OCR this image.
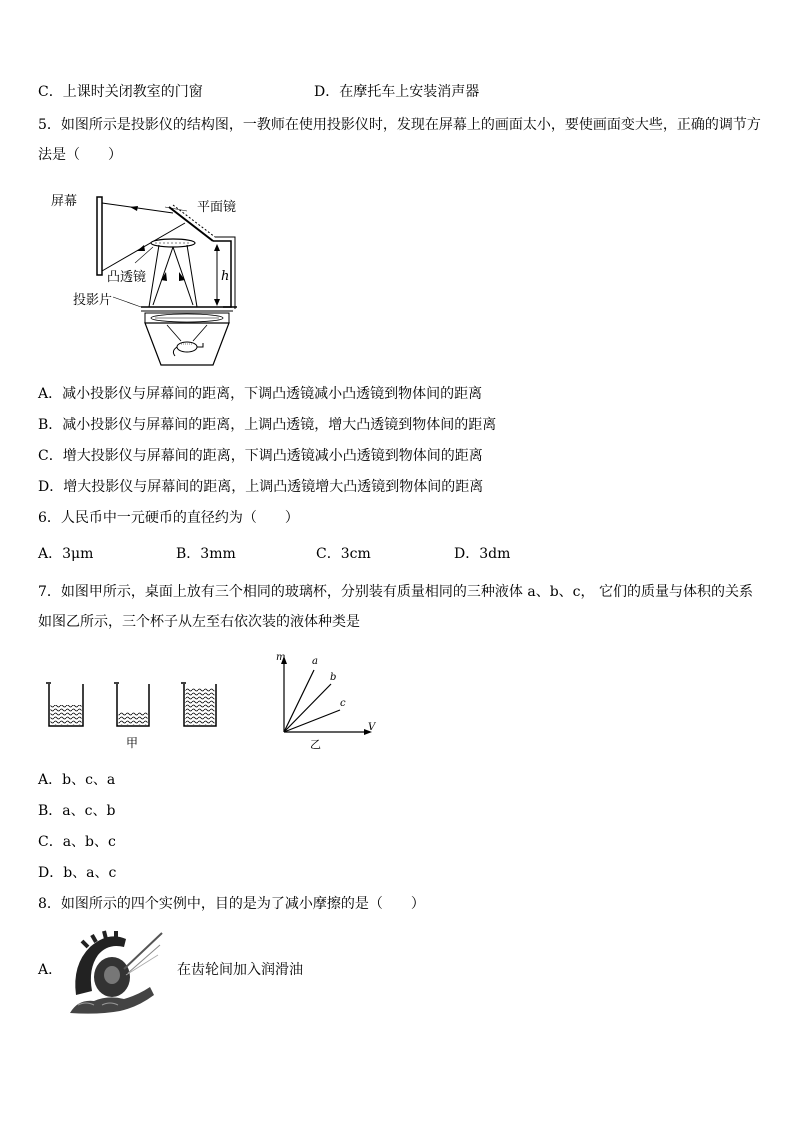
C．上课时关闭教室的门窗	D．在摩托车上安装消声器
5．如图所示是投影仪的结构图，一教师在使用投影仪时，发现在屏幕上的画面太小，要使画面变大些，正确的调节方
法是（　　）
屏幕	平面镜
凸透镜
投影片
h
A．减小投影仪与屏幕间的距离，下调凸透镜减小凸透镜到物体间的距离
B．减小投影仪与屏幕间的距离，上调凸透镜，增大凸透镜到物体间的距离
C．增大投影仪与屏幕间的距离，下调凸透镜减小凸透镜到物体间的距离
D．增大投影仪与屏幕间的距离，上调凸透镜增大凸透镜到物体间的距离
6．人民币中一元硬币的直径约为（　　）
A．3μm	B．3mm	C．3cm	D．3dm
7．如图甲所示，桌面上放有三个相同的玻璃杯，分别装有质量相同的三种液体 a、b、c， 它们的质量与体积的关系
如图乙所示，三个杯子从左至右依次装的液体种类是
甲
m
V
a
b
c
乙
A．b、c、a
B．a、c、b
C．a、b、c
D．b、a、c
8．如图所示的四个实例中，目的是为了减小摩擦的是（　　）
A．	在齿轮间加入润滑油
